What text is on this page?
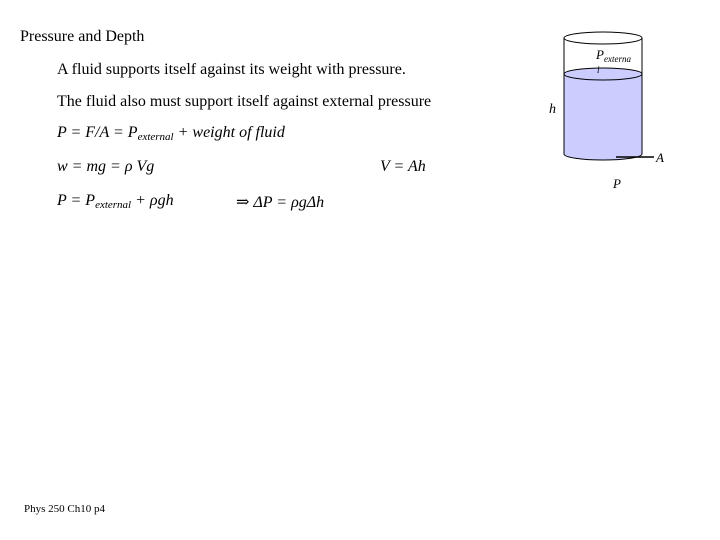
Pressure and Depth
A fluid supports itself against its weight with pressure.
The fluid also must support itself against external pressure
$P = F/A = P_{external}$ + weight of fluid
w = mg = ρ Vg	V = Ah
$P = P_{external} + \rho gh$	⇒ ΔP = ρgΔh
$P_{externa}$
l
h
A
P
Phys 250 Ch10 p4
